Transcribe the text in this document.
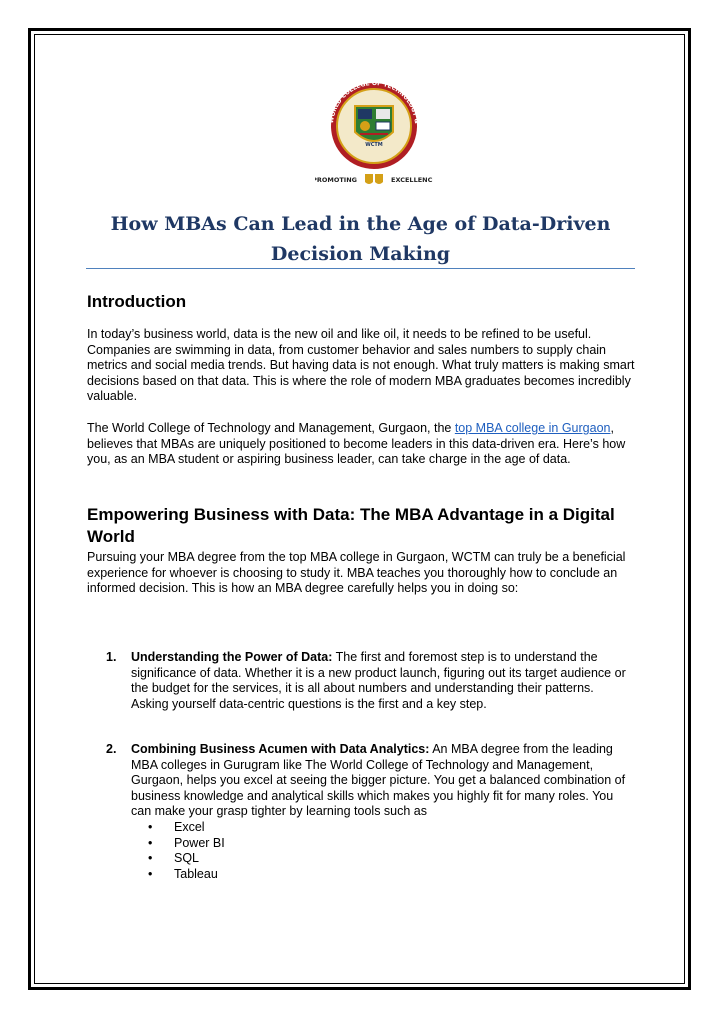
WORLD COLLEGE OF TECHNOLOGY &
WCTM
PROMOTING	EXCELLENCE
How MBAs Can Lead in the Age of Data-Driven
Decision Making
Introduction

In today’s business world, data is the new oil and like oil, it needs to be refined to be useful. Companies are swimming in data, from customer behavior and sales numbers to supply chain metrics and social media trends. But having data is not enough. What truly matters is making smart decisions based on that data. This is where the role of modern MBA graduates becomes incredibly valuable.

The World College of Technology and Management, Gurgaon, the top MBA college in Gurgaon, believes that MBAs are uniquely positioned to become leaders in this data-driven era. Here’s how you, as an MBA student or aspiring business leader, can take charge in the age of data.

Empowering Business with Data: The MBA Advantage in a Digital World

Pursuing your MBA degree from the top MBA college in Gurgaon, WCTM can truly be a beneficial experience for whoever is choosing to study it. MBA teaches you thoroughly how to conclude an informed decision. This is how an MBA degree carefully helps you in doing so:

1. Understanding the Power of Data: The first and foremost step is to understand the significance of data. Whether it is a new product launch, figuring out its target audience or the budget for the services, it is all about numbers and understanding their patterns. Asking yourself data-centric questions is the first and a key step.
2. Combining Business Acumen with Data Analytics: An MBA degree from the leading MBA colleges in Gurugram like The World College of Technology and Management, Gurgaon, helps you excel at seeing the bigger picture. You get a balanced combination of business knowledge and analytical skills which makes you highly fit for many roles. You can make your grasp tighter by learning tools such as
• Excel
• Power BI
• SQL
• Tableau
